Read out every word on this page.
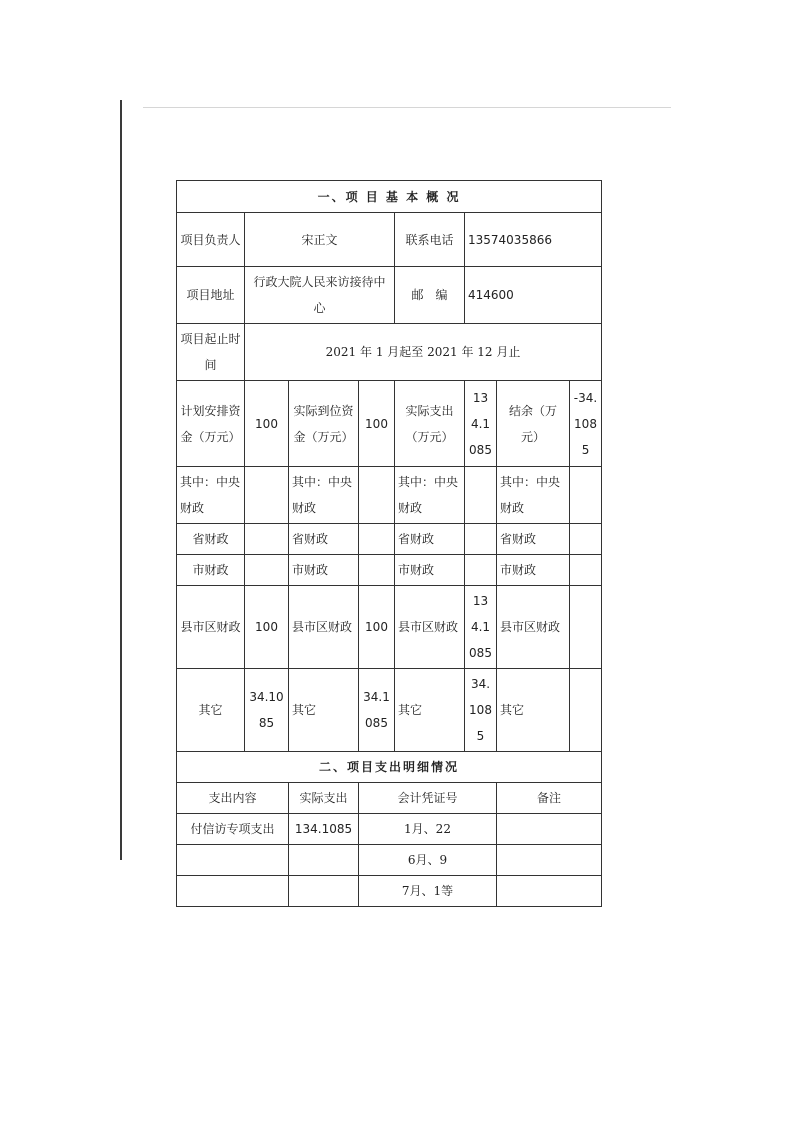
一、项 目 基 本 概 况							
项目负责人	宋正文			联系电话	13574035866		
项目地址	行政大院人民来访接待中心			邮　编	414600		
项目起止时间	2021 年 1 月起至 2021 年 12 月止						
计划安排资金（万元）	100	实际到位资金（万元）	100	实际支出（万元）	134.1085	结余（万元）	-34.1085
其中：中央财政		其中：中央财政		其中：中央财政		其中：中央财政	
省财政		省财政		省财政		省财政	
市财政		市财政		市财政		市财政	
县市区财政	100	县市区财政	100	县市区财政	134.1085	县市区财政	
其它	34.1085	其它	34.1085	其它	34.1085	其它	
二、项目支出明细情况							
支出内容		实际支出	会计凭证号			备注	
付信访专项支出		134.1085	1月、22				
			6月、9				
			7月、1等				
